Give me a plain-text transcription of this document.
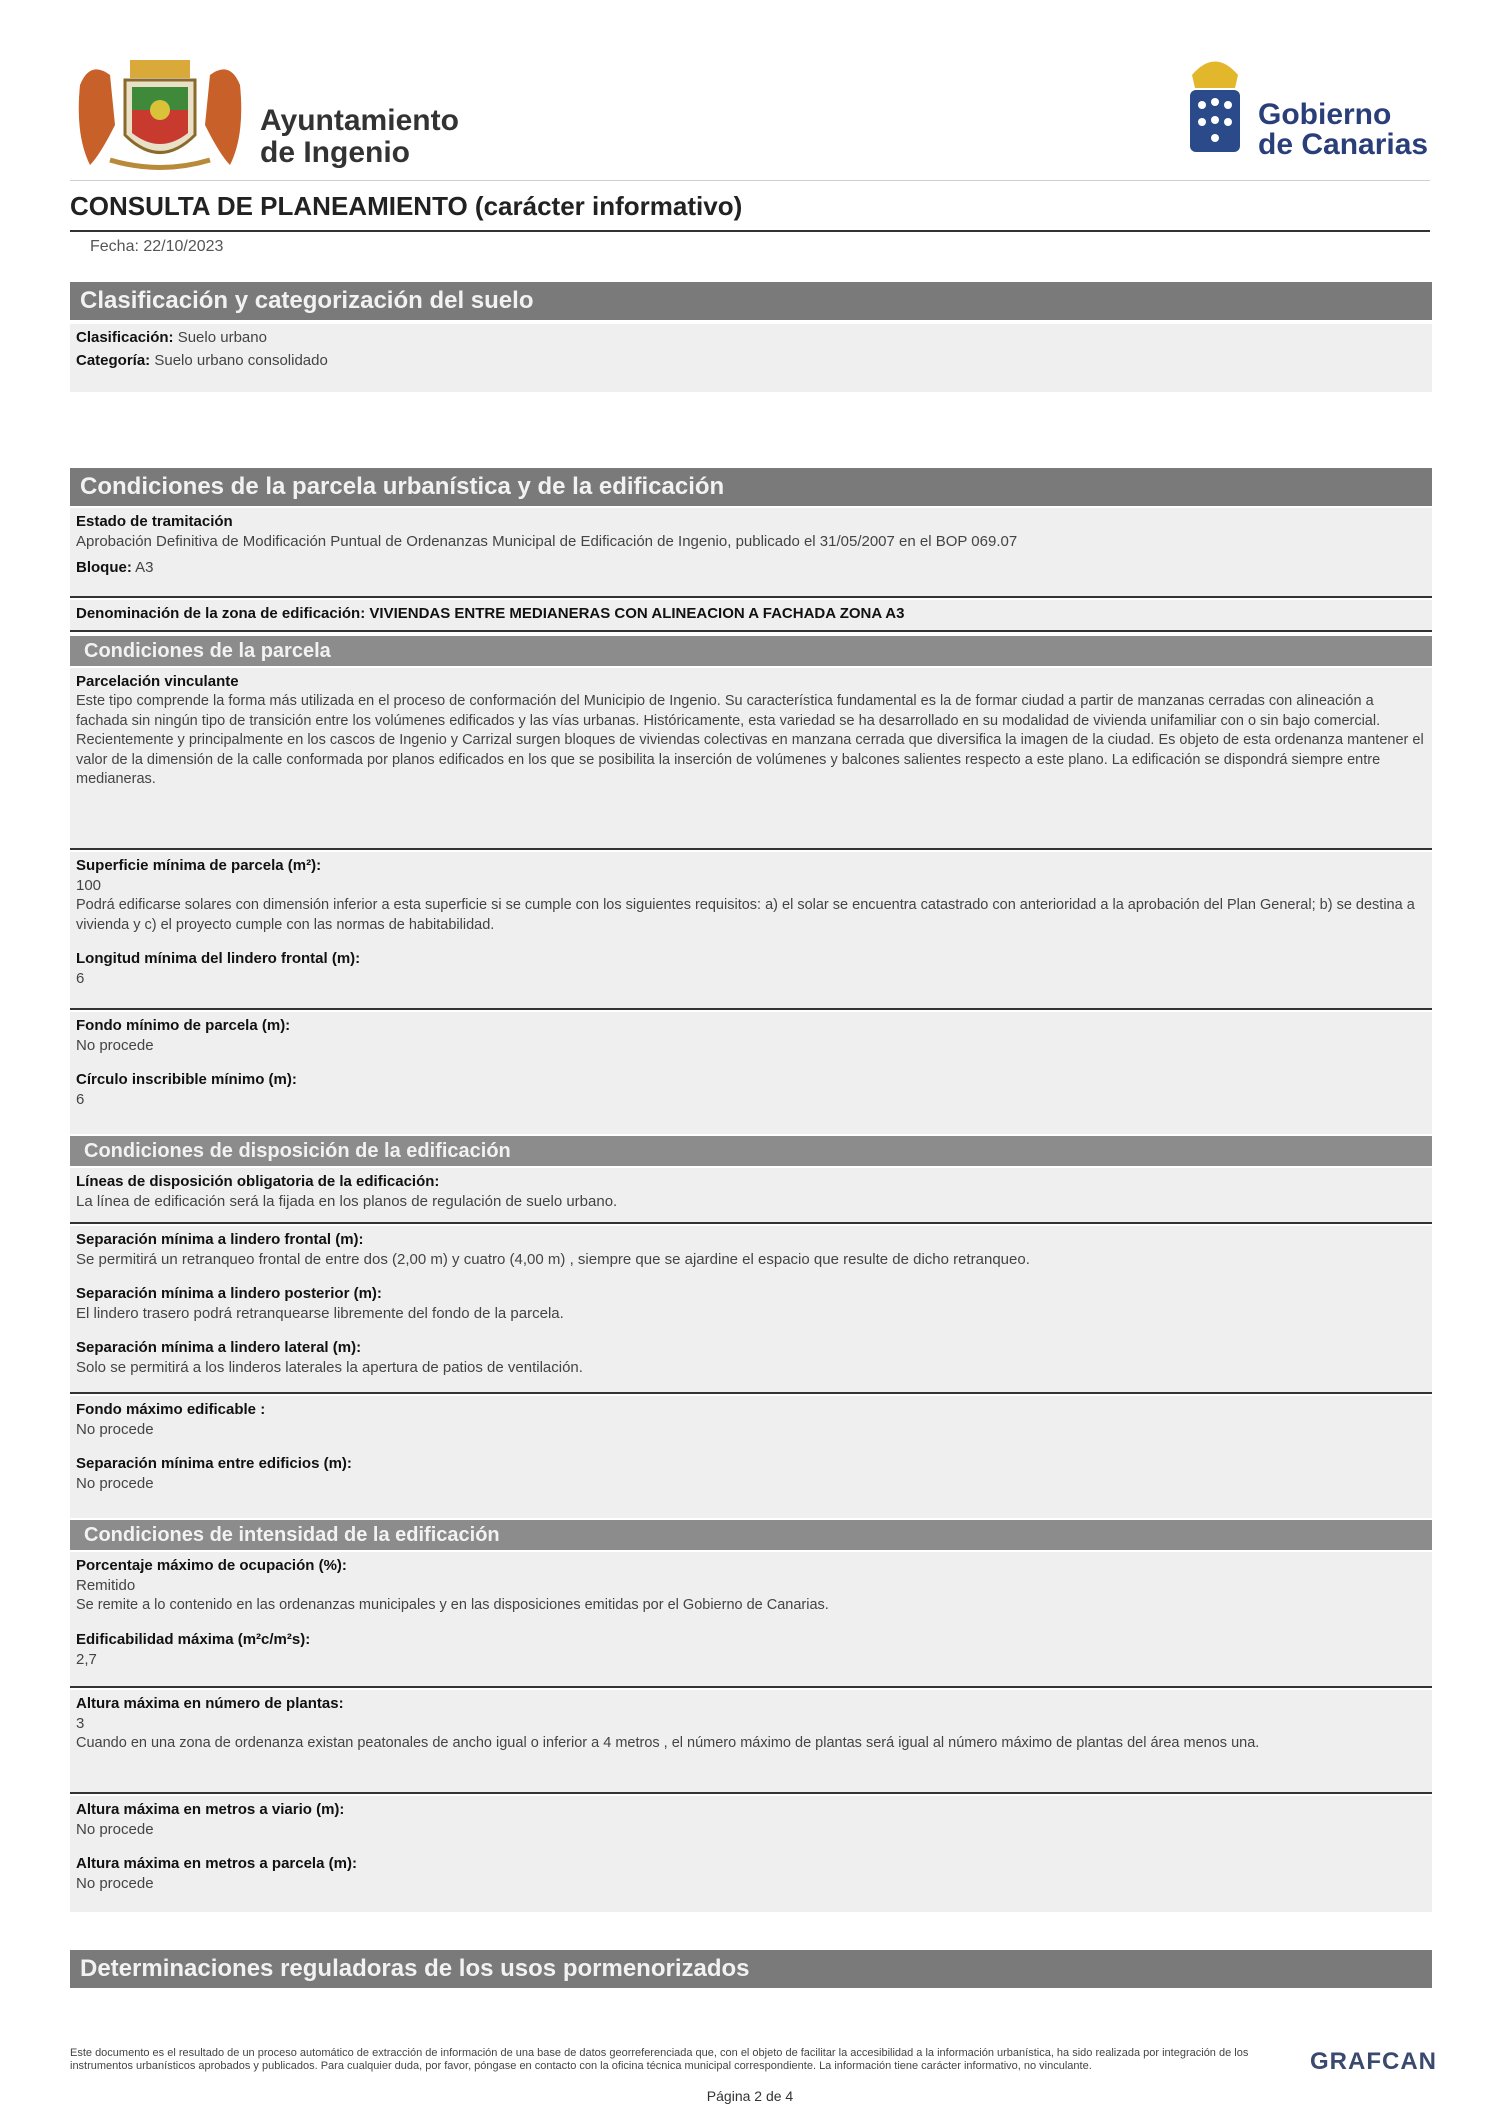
Ayuntamiento
de Ingenio
Gobierno
de Canarias
CONSULTA DE PLANEAMIENTO (carácter informativo)
Fecha: 22/10/2023
Clasificación y categorización del suelo
Clasificación: Suelo urbano
Categoría: Suelo urbano consolidado
Condiciones de la parcela urbanística y de la edificación
Estado de tramitación
Aprobación Definitiva de Modificación Puntual de Ordenanzas Municipal de Edificación de Ingenio, publicado el 31/05/2007 en el BOP 069.07
Bloque: A3
Denominación de la zona de edificación: VIVIENDAS ENTRE MEDIANERAS CON ALINEACION A FACHADA ZONA A3
Condiciones de la parcela
Parcelación vinculante
Este tipo comprende la forma más utilizada en el proceso de conformación del Municipio de Ingenio. Su característica fundamental es la de formar ciudad a partir de manzanas cerradas con alineación a fachada sin ningún tipo de transición entre los volúmenes edificados y las vías urbanas. Históricamente, esta variedad se ha desarrollado en su modalidad de vivienda unifamiliar con o sin bajo comercial. Recientemente y principalmente en los cascos de Ingenio y Carrizal surgen bloques de viviendas colectivas en manzana cerrada que diversifica la imagen de la ciudad. Es objeto de esta ordenanza mantener el valor de la dimensión de la calle conformada por planos edificados en los que se posibilita la inserción de volúmenes y balcones salientes respecto a este plano. La edificación se dispondrá siempre entre medianeras.
Superficie mínima de parcela (m²):
100
Podrá edificarse solares con dimensión inferior a esta superficie si se cumple con los siguientes requisitos: a) el solar se encuentra catastrado con anterioridad a la aprobación del Plan General; b) se destina a vivienda y c) el proyecto cumple con las normas de habitabilidad.
Longitud mínima del lindero frontal (m):
6
Fondo mínimo de parcela (m):
No procede
Círculo inscribible mínimo (m):
6
Condiciones de disposición de la edificación
Líneas de disposición obligatoria de la edificación:
La línea de edificación será la fijada en los planos de regulación de suelo urbano.
Separación mínima a lindero frontal (m):
Se permitirá un retranqueo frontal de entre dos (2,00 m) y cuatro (4,00 m) , siempre que se ajardine el espacio que resulte de dicho retranqueo.
Separación mínima a lindero posterior (m):
El lindero trasero podrá retranquearse libremente del fondo de la parcela.
Separación mínima a lindero lateral (m):
Solo se permitirá a los linderos laterales la apertura de patios de ventilación.
Fondo máximo edificable :
No procede
Separación mínima entre edificios (m):
No procede
Condiciones de intensidad de la edificación
Porcentaje máximo de ocupación (%):
Remitido
Se remite a lo contenido en las ordenanzas municipales y en las disposiciones emitidas por el Gobierno de Canarias.
Edificabilidad máxima (m²c/m²s):
2,7
Altura máxima en número de plantas:
3
Cuando en una zona de ordenanza existan peatonales de ancho igual o inferior a 4 metros , el número máximo de plantas será igual al número máximo de plantas del área menos una.
Altura máxima en metros a viario (m):
No procede
Altura máxima en metros a parcela (m):
No procede
Determinaciones reguladoras de los usos pormenorizados
Este documento es el resultado de un proceso automático de extracción de información de una base de datos georreferenciada que, con el objeto de facilitar la accesibilidad a la información urbanística, ha sido realizada por integración de los instrumentos urbanísticos aprobados y publicados. Para cualquier duda, por favor, póngase en contacto con la oficina técnica municipal correspondiente. La información tiene carácter informativo, no vinculante.	GRAFCAN
Página 2 de 4
